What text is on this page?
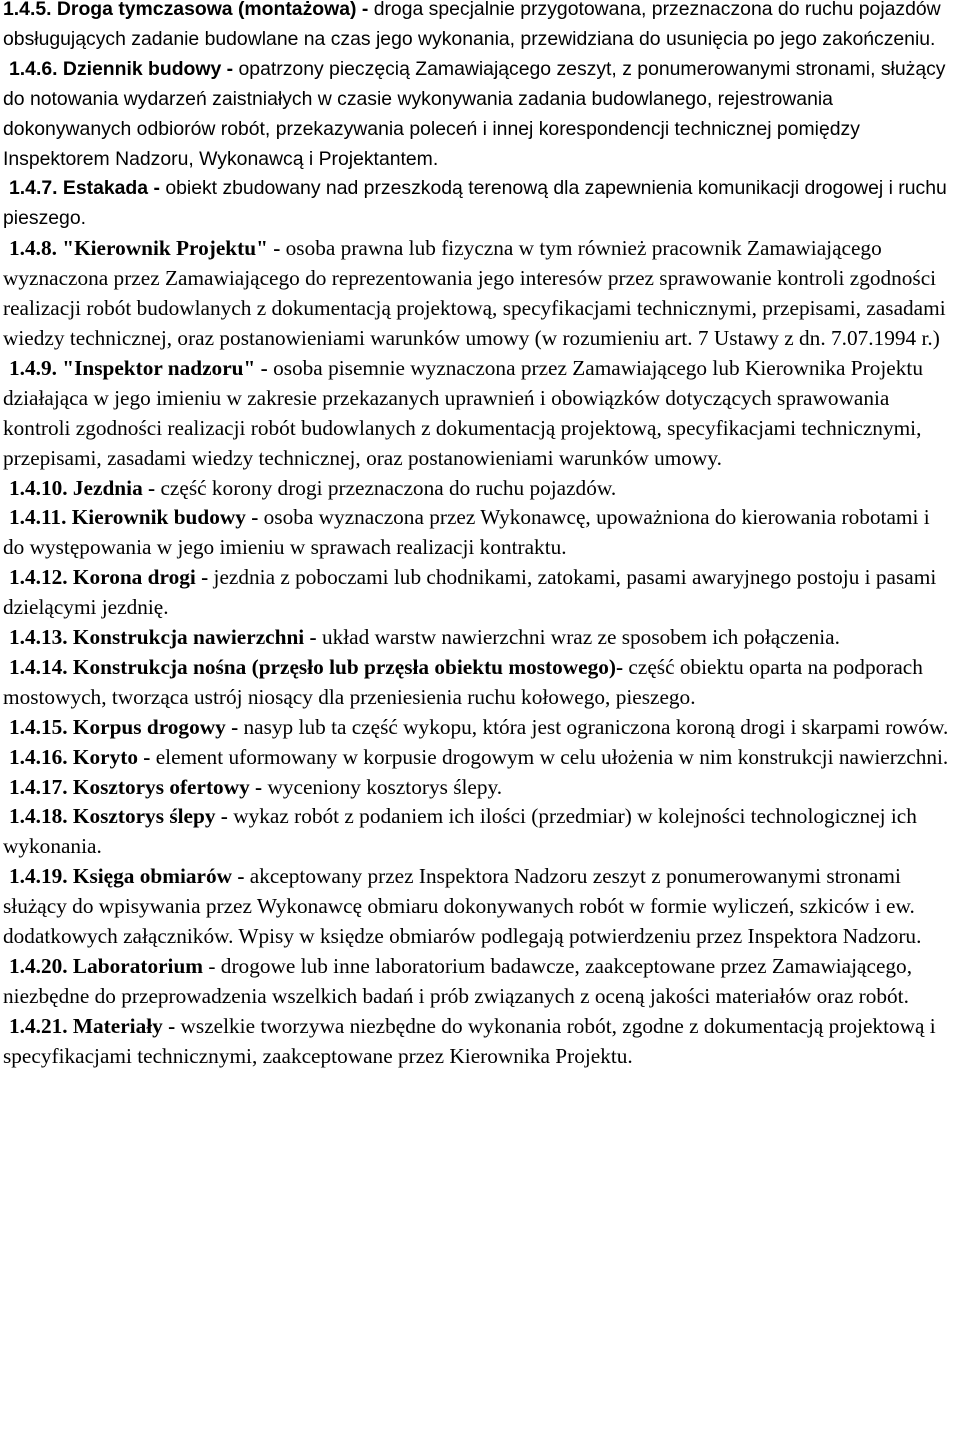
1.4.5. Droga tymczasowa (montażowa) - droga specjalnie przygotowana, przeznaczona do ruchu pojazdów obsługujących zadanie budowlane na czas jego wykonania, przewidziana do usunięcia po jego zakończeniu.

1.4.6. Dziennik budowy - opatrzony pieczęcią Zamawiającego zeszyt, z ponumerowanymi stronami, służący do notowania wydarzeń zaistniałych w czasie wykonywania zadania budowlanego, rejestrowania dokonywanych odbiorów robót, przekazywania poleceń i innej korespondencji technicznej pomiędzy Inspektorem Nadzoru, Wykonawcą i Projektantem.

1.4.7. Estakada - obiekt zbudowany nad przeszkodą terenową dla zapewnienia komunikacji drogowej i ruchu pieszego.

1.4.8. "Kierownik Projektu" - osoba prawna lub fizyczna w tym również pracownik Zamawiającego wyznaczona przez Zamawiającego do reprezentowania jego interesów przez sprawowanie kontroli zgodności realizacji robót budowlanych z dokumentacją projektową, specyfikacjami technicznymi, przepisami, zasadami wiedzy technicznej, oraz postanowieniami warunków umowy (w rozumieniu art. 7 Ustawy z dn. 7.07.1994 r.)

1.4.9. "Inspektor nadzoru" - osoba pisemnie wyznaczona przez Zamawiającego lub Kierownika Projektu działająca w jego imieniu w zakresie przekazanych uprawnień i obowiązków dotyczących sprawowania kontroli zgodności realizacji robót budowlanych z dokumentacją projektową, specyfikacjami technicznymi, przepisami, zasadami wiedzy technicznej, oraz postanowieniami warunków umowy.

1.4.10. Jezdnia - część korony drogi przeznaczona do ruchu pojazdów.

1.4.11. Kierownik budowy - osoba wyznaczona przez Wykonawcę, upoważniona do kierowania robotami i do występowania w jego imieniu w sprawach realizacji kontraktu.

1.4.12. Korona drogi - jezdnia z poboczami lub chodnikami, zatokami, pasami awaryjnego postoju i pasami dzielącymi jezdnię.

1.4.13. Konstrukcja nawierzchni - układ warstw nawierzchni wraz ze sposobem ich połączenia.

1.4.14. Konstrukcja nośna (przęsło lub przęsła obiektu mostowego)- część obiektu oparta na podporach mostowych, tworząca ustrój niosący dla przeniesienia ruchu kołowego, pieszego.

1.4.15. Korpus drogowy - nasyp lub ta część wykopu, która jest ograniczona koroną drogi i skarpami rowów.

1.4.16. Koryto - element uformowany w korpusie drogowym w celu ułożenia w nim konstrukcji nawierzchni.

1.4.17. Kosztorys ofertowy - wyceniony kosztorys ślepy.

1.4.18. Kosztorys ślepy - wykaz robót z podaniem ich ilości (przedmiar) w kolejności technologicznej ich wykonania.

1.4.19. Księga obmiarów - akceptowany przez Inspektora Nadzoru zeszyt z ponumerowanymi stronami służący do wpisywania przez Wykonawcę obmiaru dokonywanych robót w formie wyliczeń, szkiców i ew. dodatkowych załączników. Wpisy w księdze obmiarów podlegają potwierdzeniu przez Inspektora Nadzoru.

1.4.20. Laboratorium - drogowe lub inne laboratorium badawcze, zaakceptowane przez Zamawiającego, niezbędne do przeprowadzenia wszelkich badań i prób związanych z oceną jakości materiałów oraz robót.

1.4.21. Materiały - wszelkie tworzywa niezbędne do wykonania robót, zgodne z dokumentacją projektową i specyfikacjami technicznymi, zaakceptowane przez Kierownika Projektu.
